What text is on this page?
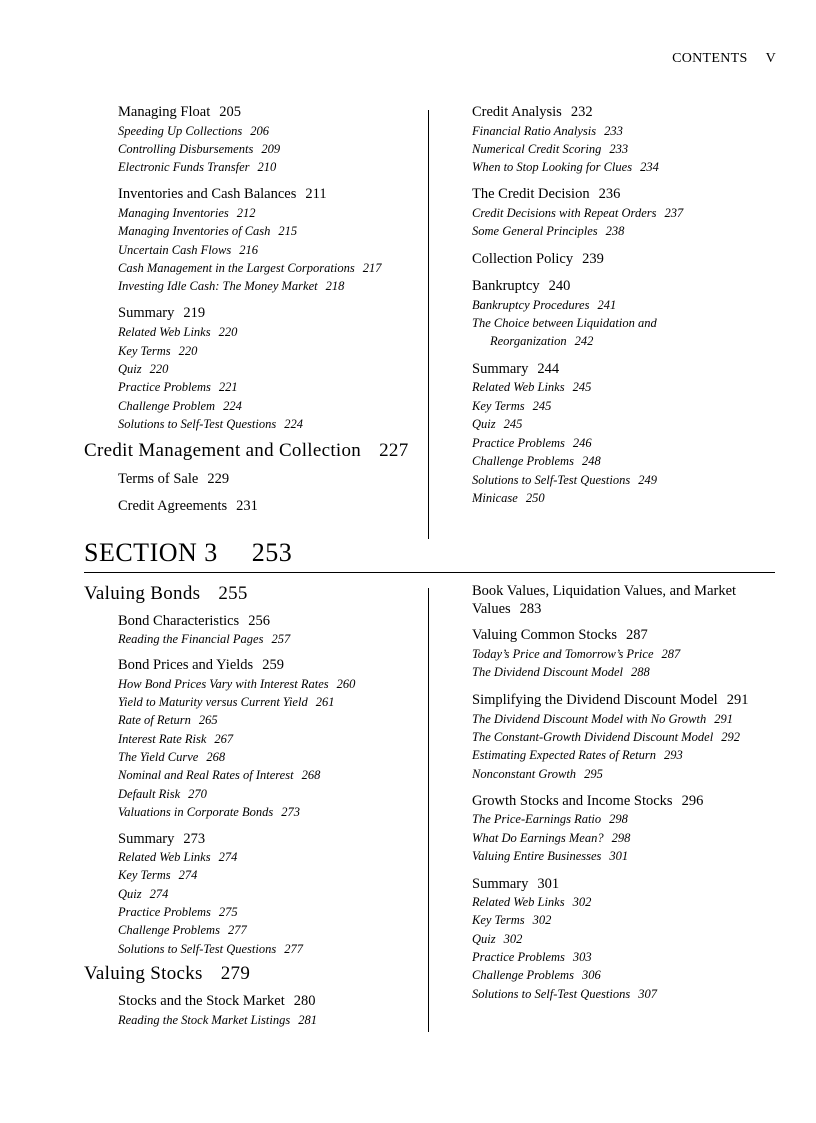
CONTENTS V
Managing Float 205
Speeding Up Collections 206
Controlling Disbursements 209
Electronic Funds Transfer 210
Inventories and Cash Balances 211
Managing Inventories 212
Managing Inventories of Cash 215
Uncertain Cash Flows 216
Cash Management in the Largest Corporations 217
Investing Idle Cash: The Money Market 218
Summary 219
Related Web Links 220
Key Terms 220
Quiz 220
Practice Problems 221
Challenge Problem 224
Solutions to Self-Test Questions 224
Credit Management and Collection 227
Terms of Sale 229
Credit Agreements 231
Credit Analysis 232
Financial Ratio Analysis 233
Numerical Credit Scoring 233
When to Stop Looking for Clues 234
The Credit Decision 236
Credit Decisions with Repeat Orders 237
Some General Principles 238
Collection Policy 239
Bankruptcy 240
Bankruptcy Procedures 241
The Choice between Liquidation and
Reorganization 242
Summary 244
Related Web Links 245
Key Terms 245
Quiz 245
Practice Problems 246
Challenge Problems 248
Solutions to Self-Test Questions 249
Minicase 250
SECTION 3 253
Valuing Bonds 255
Bond Characteristics 256
Reading the Financial Pages 257
Bond Prices and Yields 259
How Bond Prices Vary with Interest Rates 260
Yield to Maturity versus Current Yield 261
Rate of Return 265
Interest Rate Risk 267
The Yield Curve 268
Nominal and Real Rates of Interest 268
Default Risk 270
Valuations in Corporate Bonds 273
Summary 273
Related Web Links 274
Key Terms 274
Quiz 274
Practice Problems 275
Challenge Problems 277
Solutions to Self-Test Questions 277
Valuing Stocks 279
Stocks and the Stock Market 280
Reading the Stock Market Listings 281
Book Values, Liquidation Values, and Market
Values 283
Valuing Common Stocks 287
Today’s Price and Tomorrow’s Price 287
The Dividend Discount Model 288
Simplifying the Dividend Discount Model 291
The Dividend Discount Model with No Growth 291
The Constant-Growth Dividend Discount Model 292
Estimating Expected Rates of Return 293
Nonconstant Growth 295
Growth Stocks and Income Stocks 296
The Price-Earnings Ratio 298
What Do Earnings Mean? 298
Valuing Entire Businesses 301
Summary 301
Related Web Links 302
Key Terms 302
Quiz 302
Practice Problems 303
Challenge Problems 306
Solutions to Self-Test Questions 307
